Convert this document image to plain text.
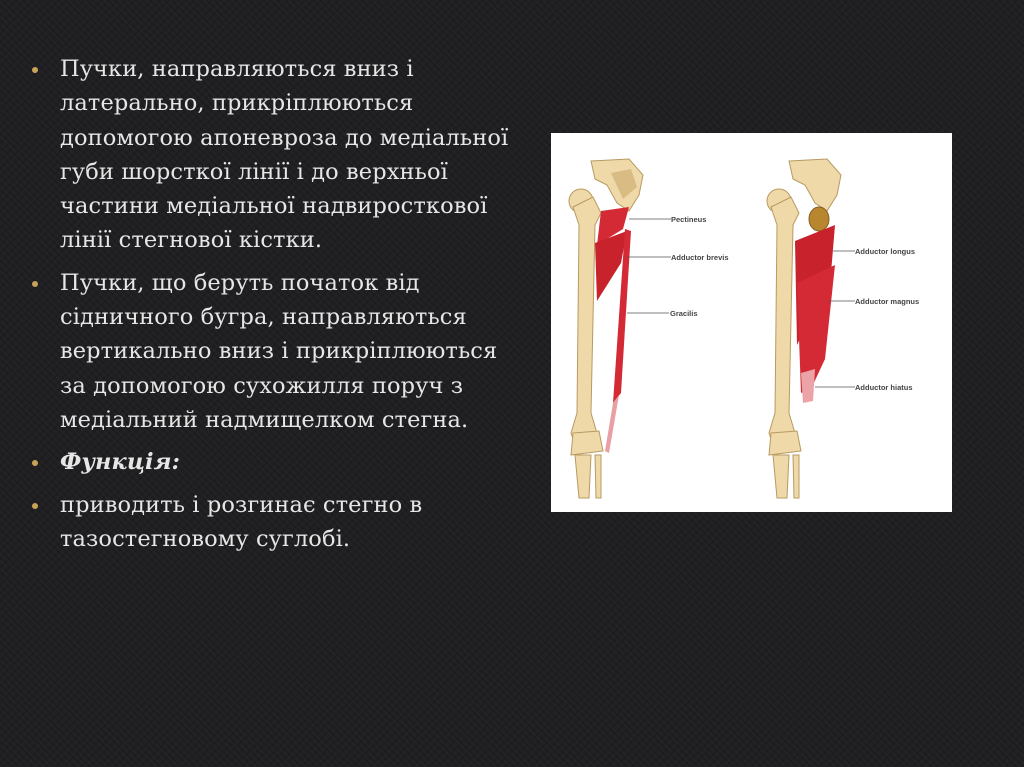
Пучки, направляються вниз і латерально, прикріплюються допомогою апоневроза до медіальної губи шорсткої лінії і до верхньої частини медіальної надвиростковoї лінії стегнової кістки.
Пучки, що беруть початок від сідничного бугра, направляються вертикально вниз і прикріплюються за допомогою сухожилля поруч з медіальний надмищелком стегна.
Функція:
приводить і розгинає стегно в тазостегновому суглобі.
Pectineus
Adductor brevis
Gracilis
Adductor longus
Adductor magnus
Adductor hiatus
